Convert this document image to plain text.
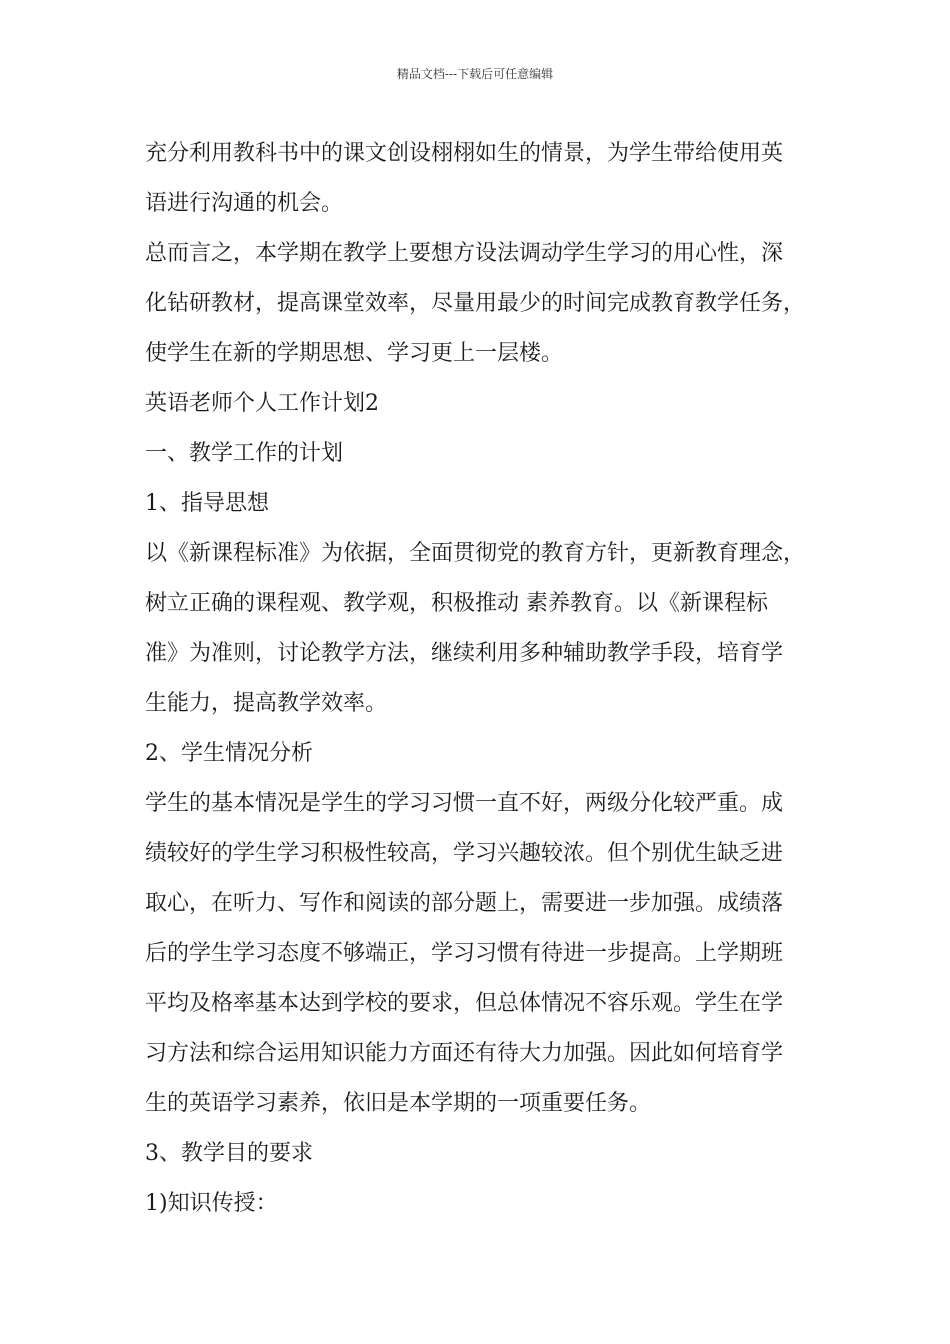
精品文档---下载后可任意编辑
充分利用教科书中的课文创设栩栩如生的情景，为学生带给使用英
语进行沟通的机会。
总而言之，本学期在教学上要想方设法调动学生学习的用心性，深
化钻研教材，提高课堂效率，尽量用最少的时间完成教育教学任务，
使学生在新的学期思想、学习更上一层楼。
英语老师个人工作计划2
一、教学工作的计划
1、指导思想
以《新课程标准》为依据，全面贯彻党的教育方针，更新教育理念，
树立正确的课程观、教学观，积极推动 素养教育。以《新课程标
准》为准则，讨论教学方法，继续利用多种辅助教学手段，培育学
生能力，提高教学效率。
2、学生情况分析
学生的基本情况是学生的学习习惯一直不好，两级分化较严重。成
绩较好的学生学习积极性较高，学习兴趣较浓。但个别优生缺乏进
取心，在听力、写作和阅读的部分题上，需要进一步加强。成绩落
后的学生学习态度不够端正，学习习惯有待进一步提高。上学期班
平均及格率基本达到学校的要求，但总体情况不容乐观。学生在学
习方法和综合运用知识能力方面还有待大力加强。因此如何培育学
生的英语学习素养，依旧是本学期的一项重要任务。
3、教学目的要求
1)知识传授：
